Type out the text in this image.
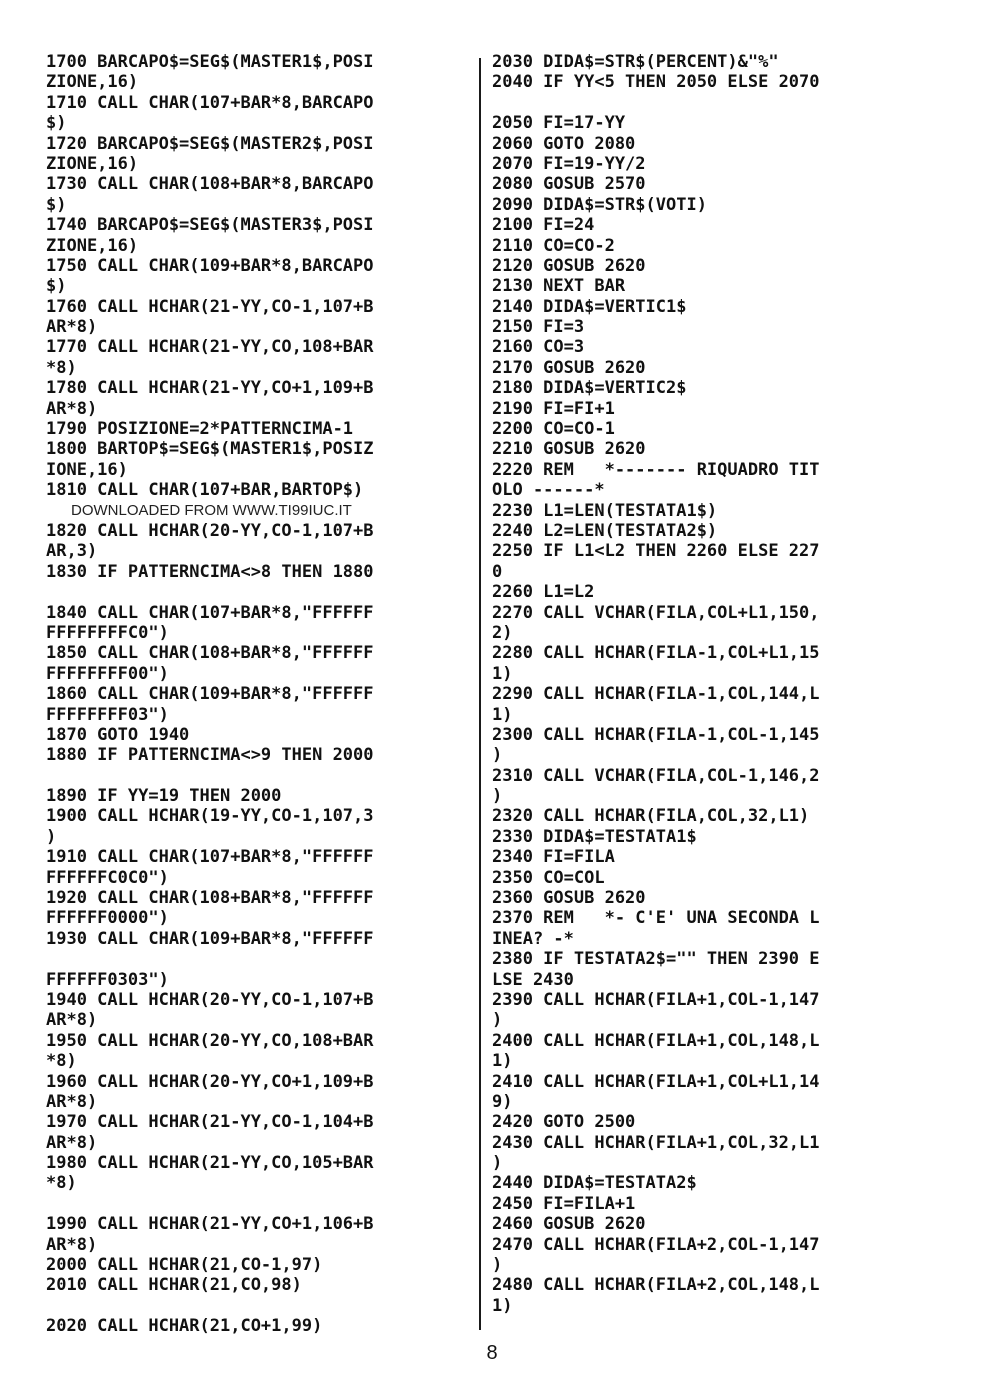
1700 BARCAPO$=SEG$(MASTER1$,POSI
ZIONE,16)
1710 CALL CHAR(107+BAR*8,BARCAPO
$)
1720 BARCAPO$=SEG$(MASTER2$,POSI
ZIONE,16)
1730 CALL CHAR(108+BAR*8,BARCAPO
$)
1740 BARCAPO$=SEG$(MASTER3$,POSI
ZIONE,16)
1750 CALL CHAR(109+BAR*8,BARCAPO
$)
1760 CALL HCHAR(21-YY,CO-1,107+B
AR*8)
1770 CALL HCHAR(21-YY,CO,108+BAR
*8)
1780 CALL HCHAR(21-YY,CO+1,109+B
AR*8)
1790 POSIZIONE=2*PATTERNCIMA-1
1800 BARTOP$=SEG$(MASTER1$,POSIZ
IONE,16)
1810 CALL CHAR(107+BAR,BARTOP$)
DOWNLOADED FROM WWW.TI99IUC.IT
1820 CALL HCHAR(20-YY,CO-1,107+B
AR,3)
1830 IF PATTERNCIMA<>8 THEN 1880
1840 CALL CHAR(107+BAR*8,"FFFFFF
FFFFFFFFC0")
1850 CALL CHAR(108+BAR*8,"FFFFFF
FFFFFFFF00")
1860 CALL CHAR(109+BAR*8,"FFFFFF
FFFFFFFF03")
1870 GOTO 1940
1880 IF PATTERNCIMA<>9 THEN 2000
1890 IF YY=19 THEN 2000
1900 CALL HCHAR(19-YY,CO-1,107,3
)
1910 CALL CHAR(107+BAR*8,"FFFFFF
FFFFFFC0C0")
1920 CALL CHAR(108+BAR*8,"FFFFFF
FFFFFF0000")
1930 CALL CHAR(109+BAR*8,"FFFFFF
FFFFFF0303")
1940 CALL HCHAR(20-YY,CO-1,107+B
AR*8)
1950 CALL HCHAR(20-YY,CO,108+BAR
*8)
1960 CALL HCHAR(20-YY,CO+1,109+B
AR*8)
1970 CALL HCHAR(21-YY,CO-1,104+B
AR*8)
1980 CALL HCHAR(21-YY,CO,105+BAR
*8)
1990 CALL HCHAR(21-YY,CO+1,106+B
AR*8)
2000 CALL HCHAR(21,CO-1,97)
2010 CALL HCHAR(21,CO,98)
2020 CALL HCHAR(21,CO+1,99)
2030 DIDA$=STR$(PERCENT)&"%"
2040 IF YY<5 THEN 2050 ELSE 2070
2050 FI=17-YY
2060 GOTO 2080
2070 FI=19-YY/2
2080 GOSUB 2570
2090 DIDA$=STR$(VOTI)
2100 FI=24
2110 CO=CO-2
2120 GOSUB 2620
2130 NEXT BAR
2140 DIDA$=VERTIC1$
2150 FI=3
2160 CO=3
2170 GOSUB 2620
2180 DIDA$=VERTIC2$
2190 FI=FI+1
2200 CO=CO-1
2210 GOSUB 2620
2220 REM   *------- RIQUADRO TIT
OLO ------*
2230 L1=LEN(TESTATA1$)
2240 L2=LEN(TESTATA2$)
2250 IF L1<L2 THEN 2260 ELSE 227
0
2260 L1=L2
2270 CALL VCHAR(FILA,COL+L1,150,
2)
2280 CALL HCHAR(FILA-1,COL+L1,15
1)
2290 CALL HCHAR(FILA-1,COL,144,L
1)
2300 CALL HCHAR(FILA-1,COL-1,145
)
2310 CALL VCHAR(FILA,COL-1,146,2
)
2320 CALL HCHAR(FILA,COL,32,L1)
2330 DIDA$=TESTATA1$
2340 FI=FILA
2350 CO=COL
2360 GOSUB 2620
2370 REM   *- C'E' UNA SECONDA L
INEA? -*
2380 IF TESTATA2$="" THEN 2390 E
LSE 2430
2390 CALL HCHAR(FILA+1,COL-1,147
)
2400 CALL HCHAR(FILA+1,COL,148,L
1)
2410 CALL HCHAR(FILA+1,COL+L1,14
9)
2420 GOTO 2500
2430 CALL HCHAR(FILA+1,COL,32,L1
)
2440 DIDA$=TESTATA2$
2450 FI=FILA+1
2460 GOSUB 2620
2470 CALL HCHAR(FILA+2,COL-1,147
)
2480 CALL HCHAR(FILA+2,COL,148,L
1)
8
